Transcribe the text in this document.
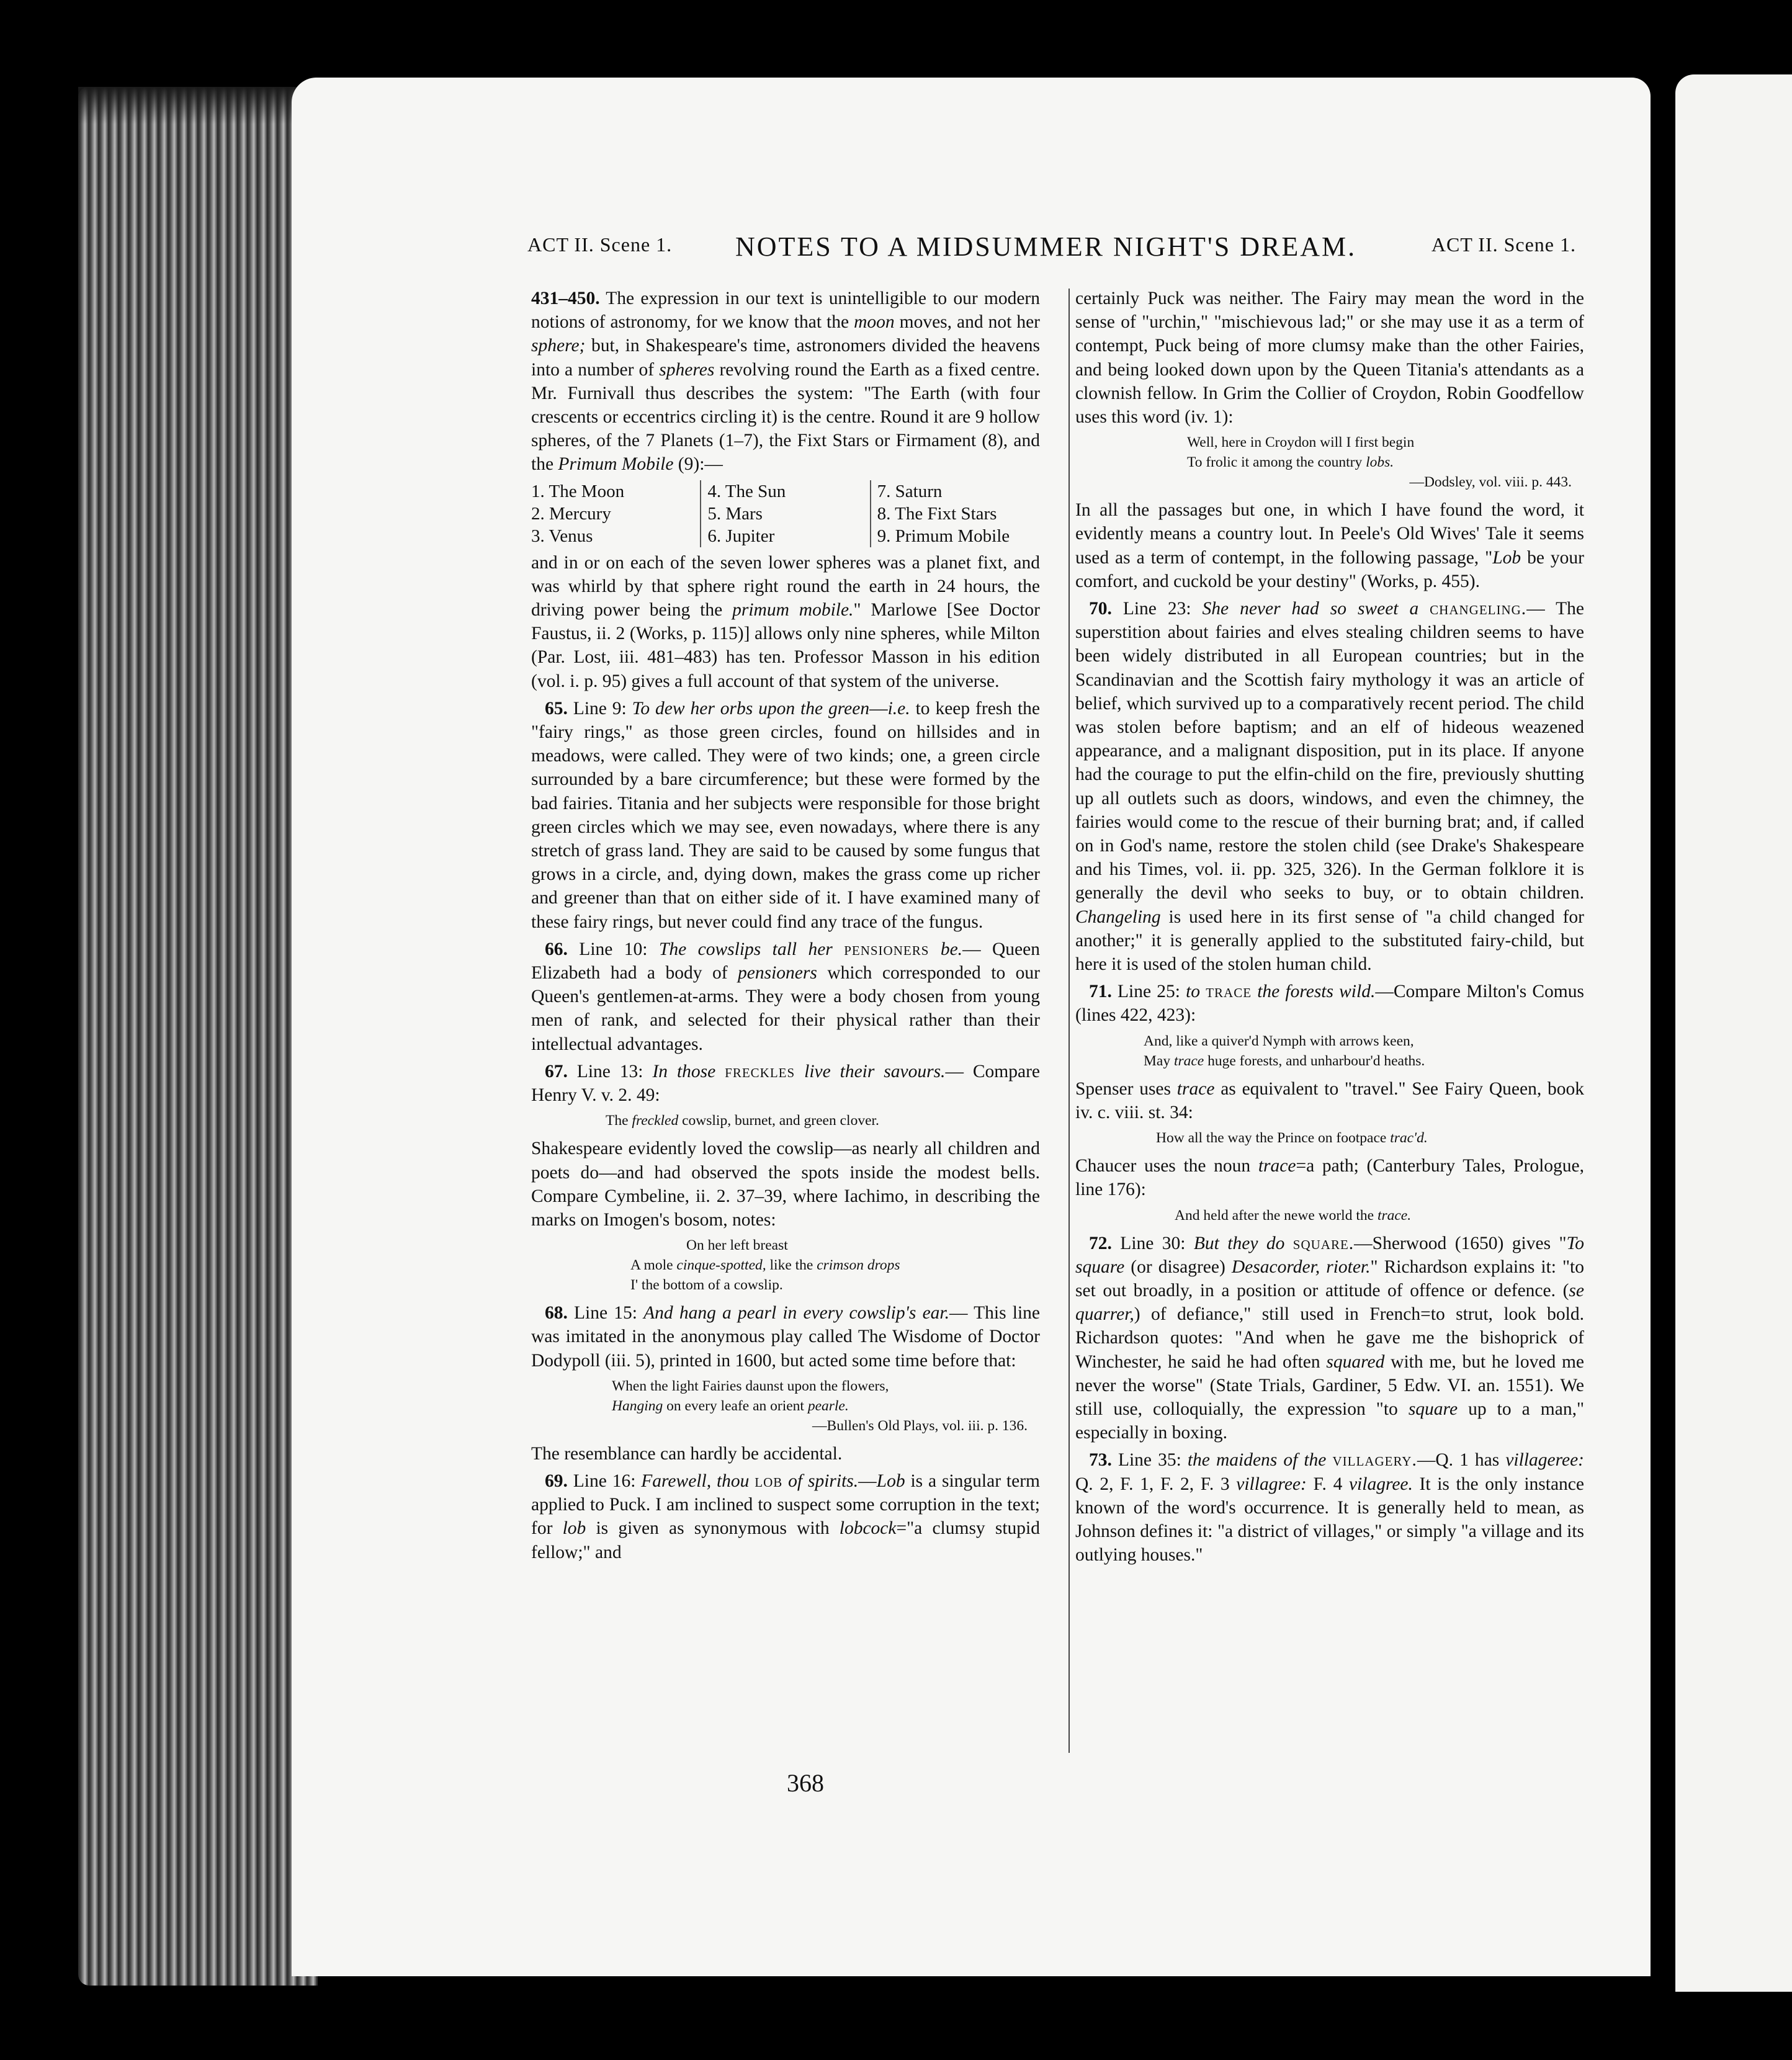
ACT II. Scene 1. NOTES TO A MIDSUMMER NIGHT'S DREAM.	ACT II. Scene 1.

431–450. The expression in our text is unintelligible to our modern notions of astronomy, for we know that the moon moves, and not her sphere; but, in Shakespeare's time, astronomers divided the heavens into a number of spheres revolving round the Earth as a fixed centre. Mr. Furnivall thus describes the system: "The Earth (with four crescents or eccentrics circling it) is the centre. Round it are 9 hollow spheres, of the 7 Planets (1–7), the Fixt Stars or Firmament (8), and the Primum Mobile (9):—

1. The Moon	4. The Sun	7. Saturn
2. Mercury	5. Mars	8. The Fixt Stars
3. Venus	6. Jupiter	9. Primum Mobile

and in or on each of the seven lower spheres was a planet fixt, and was whirld by that sphere right round the earth in 24 hours, the driving power being the primum mobile." Marlowe [See Doctor Faustus, ii. 2 (Works, p. 115)] allows only nine spheres, while Milton (Par. Lost, iii. 481–483) has ten. Professor Masson in his edition (vol. i. p. 95) gives a full account of that system of the universe.

65. Line 9: To dew her orbs upon the green—i.e. to keep fresh the "fairy rings," as those green circles, found on hillsides and in meadows, were called. They were of two kinds; one, a green circle surrounded by a bare circumference; but these were formed by the bad fairies. Titania and her subjects were responsible for those bright green circles which we may see, even nowadays, where there is any stretch of grass land. They are said to be caused by some fungus that grows in a circle, and, dying down, makes the grass come up richer and greener than that on either side of it. I have examined many of these fairy rings, but never could find any trace of the fungus.

66. Line 10: The cowslips tall her pensioners be.— Queen Elizabeth had a body of pensioners which corresponded to our Queen's gentlemen-at-arms. They were a body chosen from young men of rank, and selected for their physical rather than their intellectual advantages.

67. Line 13: In those freckles live their savours.— Compare Henry V. v. 2. 49:

The freckled cowslip, burnet, and green clover.

Shakespeare evidently loved the cowslip—as nearly all children and poets do—and had observed the spots inside the modest bells. Compare Cymbeline, ii. 2. 37–39, where Iachimo, in describing the marks on Imogen's bosom, notes:

On her left breast
A mole cinque-spotted, like the crimson drops
I' the bottom of a cowslip.

68. Line 15: And hang a pearl in every cowslip's ear.— This line was imitated in the anonymous play called The Wisdome of Doctor Dodypoll (iii. 5), printed in 1600, but acted some time before that:

When the light Fairies daunst upon the flowers,
Hanging on every leafe an orient pearle.
—Bullen's Old Plays, vol. iii. p. 136.

The resemblance can hardly be accidental.

69. Line 16: Farewell, thou lob of spirits.—Lob is a singular term applied to Puck. I am inclined to suspect some corruption in the text; for lob is given as synonymous with lobcock="a clumsy stupid fellow;" and

certainly Puck was neither. The Fairy may mean the word in the sense of "urchin," "mischievous lad;" or she may use it as a term of contempt, Puck being of more clumsy make than the other Fairies, and being looked down upon by the Queen Titania's attendants as a clownish fellow. In Grim the Collier of Croydon, Robin Goodfellow uses this word (iv. 1):

Well, here in Croydon will I first begin
To frolic it among the country lobs.
—Dodsley, vol. viii. p. 443.

In all the passages but one, in which I have found the word, it evidently means a country lout. In Peele's Old Wives' Tale it seems used as a term of contempt, in the following passage, "Lob be your comfort, and cuckold be your destiny" (Works, p. 455).

70. Line 23: She never had so sweet a changeling.— The superstition about fairies and elves stealing children seems to have been widely distributed in all European countries; but in the Scandinavian and the Scottish fairy mythology it was an article of belief, which survived up to a comparatively recent period. The child was stolen before baptism; and an elf of hideous weazened appearance, and a malignant disposition, put in its place. If anyone had the courage to put the elfin-child on the fire, previously shutting up all outlets such as doors, windows, and even the chimney, the fairies would come to the rescue of their burning brat; and, if called on in God's name, restore the stolen child (see Drake's Shakespeare and his Times, vol. ii. pp. 325, 326). In the German folklore it is generally the devil who seeks to buy, or to obtain children. Changeling is used here in its first sense of "a child changed for another;" it is generally applied to the substituted fairy-child, but here it is used of the stolen human child.

71. Line 25: to trace the forests wild.—Compare Milton's Comus (lines 422, 423):

And, like a quiver'd Nymph with arrows keen,
May trace huge forests, and unharbour'd heaths.

Spenser uses trace as equivalent to "travel." See Fairy Queen, book iv. c. viii. st. 34:

How all the way the Prince on footpace trac'd.

Chaucer uses the noun trace=a path; (Canterbury Tales, Prologue, line 176):

And held after the newe world the trace.

72. Line 30: But they do square.—Sherwood (1650) gives "To square (or disagree) Desacorder, rioter." Richardson explains it: "to set out broadly, in a position or attitude of offence or defence. (se quarrer,) of defiance," still used in French=to strut, look bold. Richardson quotes: "And when he gave me the bishoprick of Winchester, he said he had often squared with me, but he loved me never the worse" (State Trials, Gardiner, 5 Edw. VI. an. 1551). We still use, colloquially, the expression "to square up to a man," especially in boxing.

73. Line 35: the maidens of the villagery.—Q. 1 has villageree: Q. 2, F. 1, F. 2, F. 3 villagree: F. 4 vilagree. It is the only instance known of the word's occurrence. It is generally held to mean, as Johnson defines it: "a district of villages," or simply "a village and its outlying houses."

368
